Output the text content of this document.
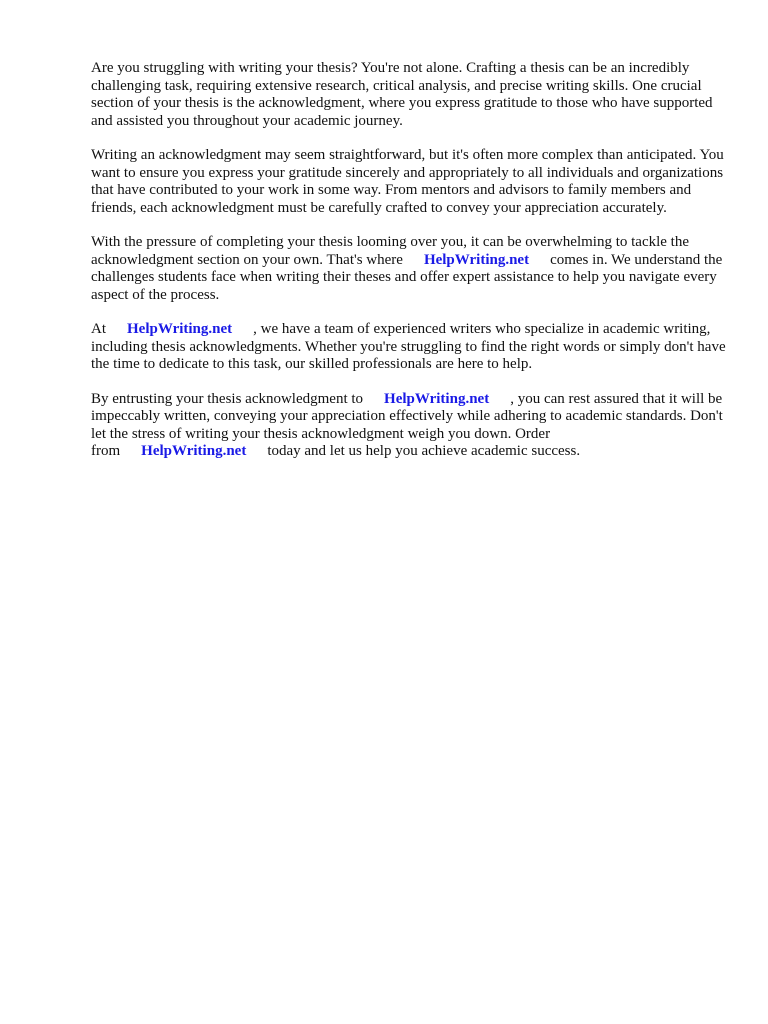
Are you struggling with writing your thesis? You're not alone. Crafting a thesis can be an incredibly challenging task, requiring extensive research, critical analysis, and precise writing skills. One crucial section of your thesis is the acknowledgment, where you express gratitude to those who have supported and assisted you throughout your academic journey.

Writing an acknowledgment may seem straightforward, but it's often more complex than anticipated. You want to ensure you express your gratitude sincerely and appropriately to all individuals and organizations that have contributed to your work in some way. From mentors and advisors to family members and friends, each acknowledgment must be carefully crafted to convey your appreciation accurately.

With the pressure of completing your thesis looming over you, it can be overwhelming to tackle the acknowledgment section on your own. That's where HelpWriting.net comes in. We understand the challenges students face when writing their theses and offer expert assistance to help you navigate every aspect of the process.

At HelpWriting.net , we have a team of experienced writers who specialize in academic writing, including thesis acknowledgments. Whether you're struggling to find the right words or simply don't have the time to dedicate to this task, our skilled professionals are here to help.

By entrusting your thesis acknowledgment to HelpWriting.net , you can rest assured that it will be impeccably written, conveying your appreciation effectively while adhering to academic standards. Don't let the stress of writing your thesis acknowledgment weigh you down. Order from HelpWriting.net today and let us help you achieve academic success.
